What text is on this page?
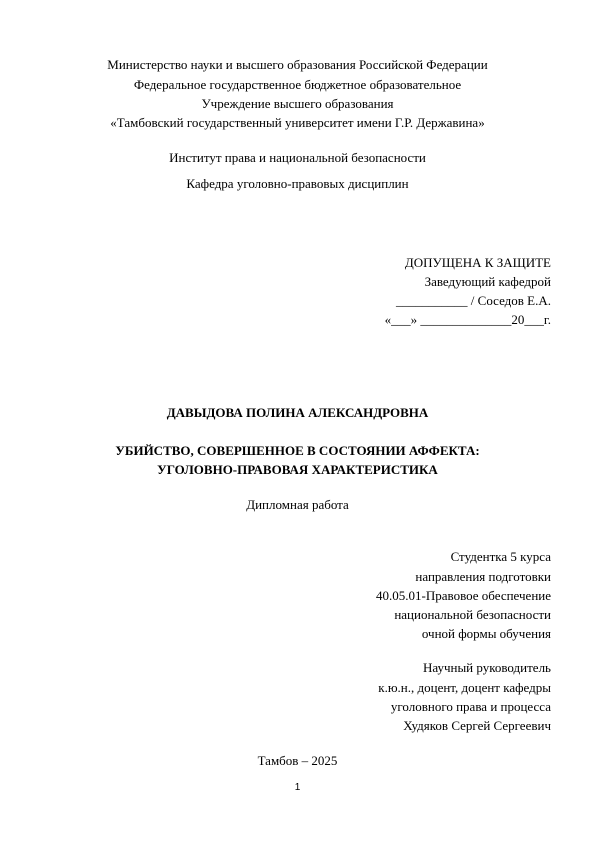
Министерство науки и высшего образования Российской Федерации
Федеральное государственное бюджетное образовательное
Учреждение высшего образования
«Тамбовский государственный университет имени Г.Р. Державина»
Институт права и национальной безопасности
Кафедра уголовно-правовых дисциплин
ДОПУЩЕНА К ЗАЩИТЕ
Заведующий кафедрой
___________ / Соседов Е.А.
«___» ______________20___г.
ДАВЫДОВА ПОЛИНА АЛЕКСАНДРОВНА
УБИЙСТВО, СОВЕРШЕННОЕ В СОСТОЯНИИ АФФЕКТА:
УГОЛОВНО-ПРАВОВАЯ ХАРАКТЕРИСТИКА
Дипломная работа
Студентка 5 курса
направления подготовки
40.05.01-Правовое обеспечение
национальной безопасности
очной формы обучения
Научный руководитель
к.ю.н., доцент, доцент кафедры
уголовного права и процесса
Худяков Сергей Сергеевич
Тамбов – 2025
1
